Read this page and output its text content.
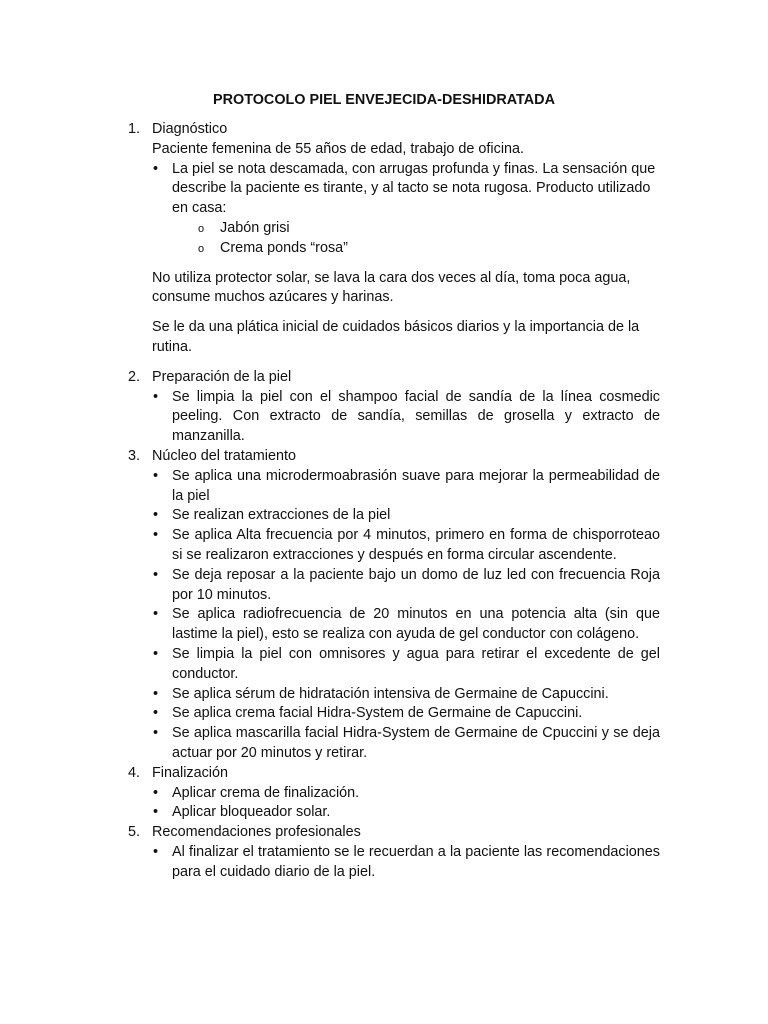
PROTOCOLO PIEL ENVEJECIDA-DESHIDRATADA
1. Diagnóstico
Paciente femenina de 55 años de edad, trabajo de oficina.
• La piel se nota descamada, con arrugas profunda y finas. La sensación que describe la paciente es tirante, y al tacto se nota rugosa. Producto utilizado en casa:
o Jabón grisi
o Crema ponds “rosa”
No utiliza protector solar, se lava la cara dos veces al día, toma poca agua, consume muchos azúcares y harinas.
Se le da una plática inicial de cuidados básicos diarios y la importancia de la rutina.
2. Preparación de la piel
• Se limpia la piel con el shampoo facial de sandía de la línea cosmedic peeling. Con extracto de sandía, semillas de grosella y extracto de manzanilla.
3. Núcleo del tratamiento
• Se aplica una microdermoabrasión suave para mejorar la permeabilidad de la piel
• Se realizan extracciones de la piel
• Se aplica Alta frecuencia por 4 minutos, primero en forma de chisporroteao si se realizaron extracciones y después en forma circular ascendente.
• Se deja reposar a la paciente bajo un domo de luz led con frecuencia Roja por 10 minutos.
• Se aplica radiofrecuencia de 20 minutos en una potencia alta (sin que lastime la piel), esto se realiza con ayuda de gel conductor con colágeno.
• Se limpia la piel con omnisores y agua para retirar el excedente de gel conductor.
• Se aplica sérum de hidratación intensiva de Germaine de Capuccini.
• Se aplica crema facial Hidra-System de Germaine de Capuccini.
• Se aplica mascarilla facial Hidra-System de Germaine de Cpuccini y se deja actuar por 20 minutos y retirar.
4. Finalización
• Aplicar crema de finalización.
• Aplicar bloqueador solar.
5. Recomendaciones profesionales
• Al finalizar el tratamiento se le recuerdan a la paciente las recomendaciones para el cuidado diario de la piel.
